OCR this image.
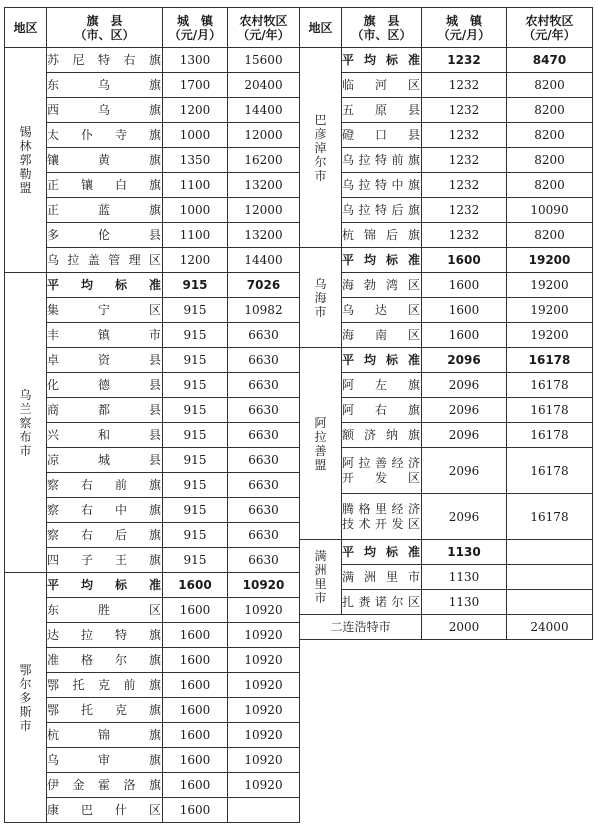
地区	旗　县
（市、区）	城　镇
（元/月）	农村牧区
（元/年）

锡林郭勒盟	苏尼特右旗	1300	15600
	东乌旗	1700	20400
	西乌旗	1200	14400
	太仆寺旗	1000	12000
	镶黄旗	1350	16200
	正镶白旗	1100	13200
	正蓝旗	1000	12000
	多伦县	1100	13200
	乌拉盖管理区	1200	14400

乌兰察布市	平均标准	915	7026
	集宁区	915	10982
	丰镇市	915	6630
	卓资县	915	6630
	化德县	915	6630
	商都县	915	6630
	兴和县	915	6630
	凉城县	915	6630
	察右前旗	915	6630
	察右中旗	915	6630
	察右后旗	915	6630
	四子王旗	915	6630

鄂尔多斯市	平均标准	1600	10920
	东胜区	1600	10920
	达拉特旗	1600	10920
	准格尔旗	1600	10920
	鄂托克前旗	1600	10920
	鄂托克旗	1600	10920
	杭锦旗	1600	10920
	乌审旗	1600	10920
	伊金霍洛旗	1600	10920
	康巴什区	1600	
地区	旗　县
（市、区）	城　镇
（元/月）	农村牧区
（元/年）

巴彦淖尔市	平均标准	1232	8470
	临河区	1232	8200
	五原县	1232	8200
	磴口县	1232	8200
	乌拉特前旗	1232	8200
	乌拉特中旗	1232	8200
	乌拉特后旗	1232	10090
	杭锦后旗	1232	8200

乌海市	平均标准	1600	19200
	海勃湾区	1600	19200
	乌达区	1600	19200
	海南区	1600	19200

阿拉善盟	平均标准	2096	16178
	阿左旗	2096	16178
	阿右旗	2096	16178
	额济纳旗	2096	16178
	阿拉善经济
开发区	2096	16178
	腾格里经济
技术开发区	2096	16178

满洲里市	平均标准	1130	
	满洲里市	1130	
	扎赉诺尔区	1130	
二连浩特市		2000	24000
